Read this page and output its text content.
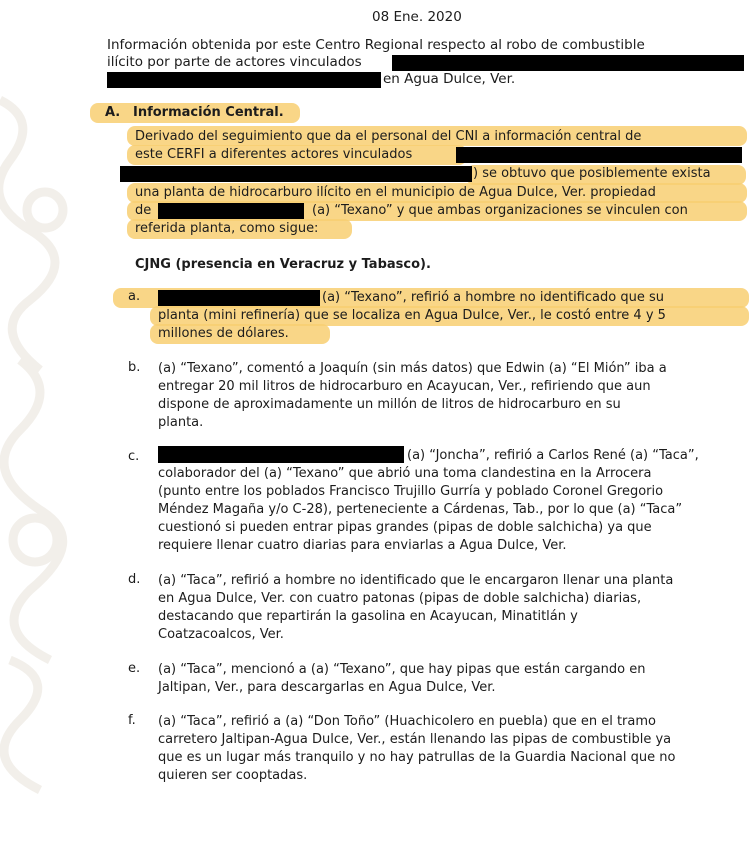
08 Ene. 2020
Información obtenida por este Centro Regional respecto al robo de combustible
ilícito por parte de actores vinculados
en Agua Dulce, Ver.
A. Información Central.
Derivado del seguimiento que da el personal del CNI a información central de
este CERFI a diferentes actores vinculados
) se obtuvo que posiblemente exista
una planta de hidrocarburo ilícito en el municipio de Agua Dulce, Ver. propiedad
de	(a) “Texano” y que ambas organizaciones se vinculen con
referida planta, como sigue:
CJNG (presencia en Veracruz y Tabasco).
a.	(a) “Texano”, refirió a hombre no identificado que su
planta (mini refinería) que se localiza en Agua Dulce, Ver., le costó entre 4 y 5
millones de dólares.
b. (a) “Texano”, comentó a Joaquín (sin más datos) que Edwin (a) “El Mión” iba a
entregar 20 mil litros de hidrocarburo en Acayucan, Ver., refiriendo que aun
dispone de aproximadamente un millón de litros de hidrocarburo en su
planta.
c.	(a) “Joncha”, refirió a Carlos René (a) “Taca”,
colaborador del (a) “Texano” que abrió una toma clandestina en la Arrocera
(punto entre los poblados Francisco Trujillo Gurría y poblado Coronel Gregorio
Méndez Magaña y/o C-28), perteneciente a Cárdenas, Tab., por lo que (a) “Taca”
cuestionó si pueden entrar pipas grandes (pipas de doble salchicha) ya que
requiere llenar cuatro diarias para enviarlas a Agua Dulce, Ver.
d. (a) “Taca”, refirió a hombre no identificado que le encargaron llenar una planta
en Agua Dulce, Ver. con cuatro patonas (pipas de doble salchicha) diarias,
destacando que repartirán la gasolina en Acayucan, Minatitlán y
Coatzacoalcos, Ver.
e. (a) “Taca”, mencionó a (a) “Texano”, que hay pipas que están cargando en
Jaltipan, Ver., para descargarlas en Agua Dulce, Ver.
f. (a) “Taca”, refirió a (a) “Don Toño” (Huachicolero en puebla) que en el tramo
carretero Jaltipan-Agua Dulce, Ver., están llenando las pipas de combustible ya
que es un lugar más tranquilo y no hay patrullas de la Guardia Nacional que no
quieren ser cooptadas.
